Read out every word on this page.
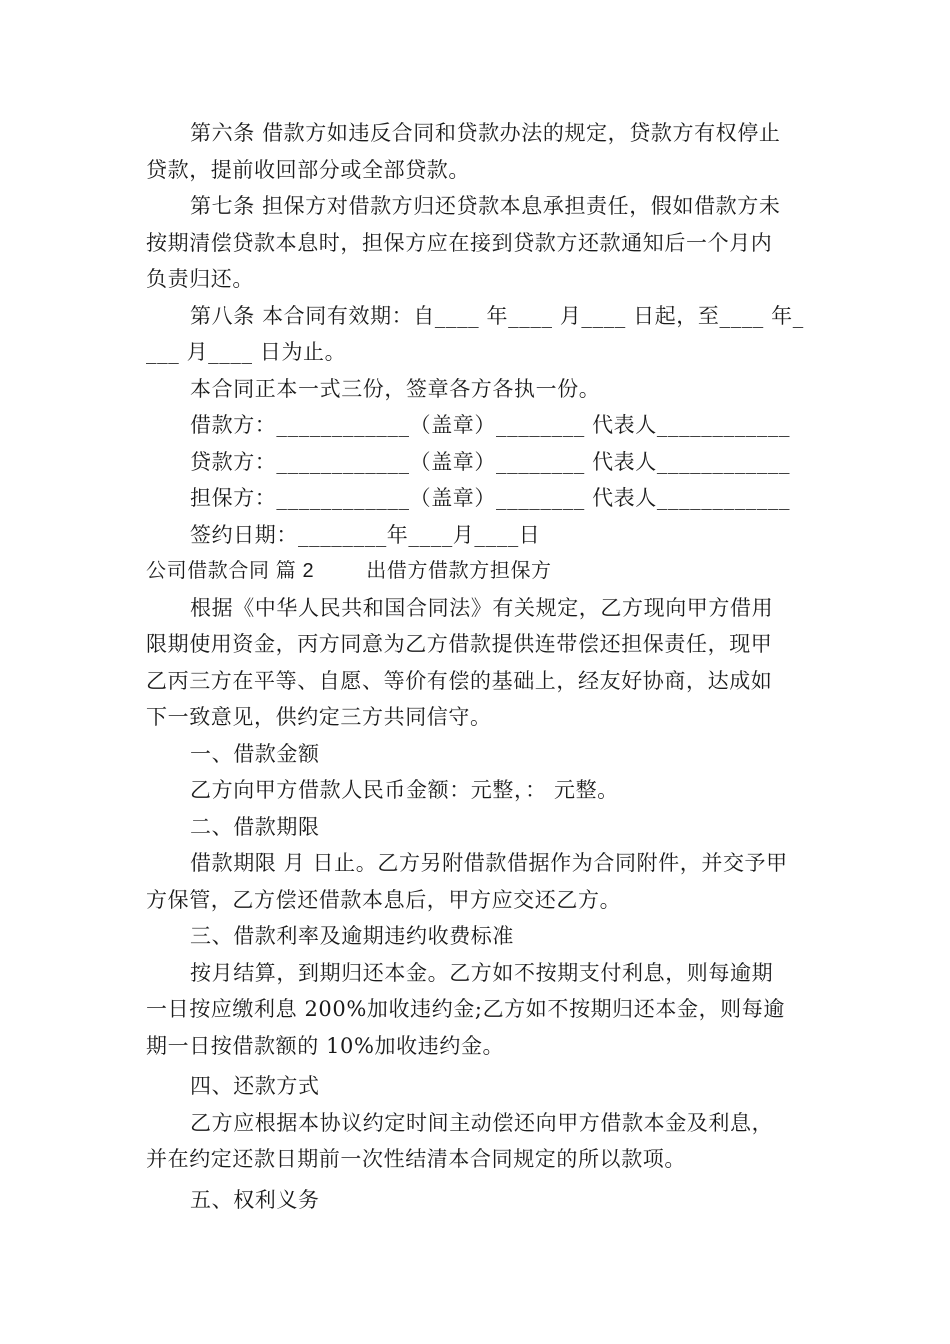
第六条 借款方如违反合同和贷款办法的规定，贷款方有权停止
贷款，提前收回部分或全部贷款。
第七条 担保方对借款方归还贷款本息承担责任，假如借款方未
按期清偿贷款本息时，担保方应在接到贷款方还款通知后一个月内
负责归还。
第八条 本合同有效期：自____ 年____ 月____ 日起，至____ 年_
___ 月____ 日为止。
本合同正本一式三份，签章各方各执一份。
借款方：____________（盖章）________ 代表人____________
贷款方：____________（盖章）________ 代表人____________
担保方：____________（盖章）________ 代表人____________
签约日期：________年____月____日
公司借款合同 篇 2	出借方借款方担保方
根据《中华人民共和国合同法》有关规定，乙方现向甲方借用
限期使用资金，丙方同意为乙方借款提供连带偿还担保责任，现甲
乙丙三方在平等、自愿、等价有偿的基础上，经友好协商，达成如
下一致意见，供约定三方共同信守。
一、借款金额
乙方向甲方借款人民币金额：元整，： 元整。
二、借款期限
借款期限 月 日止。乙方另附借款借据作为合同附件，并交予甲
方保管，乙方偿还借款本息后，甲方应交还乙方。
三、借款利率及逾期违约收费标准
按月结算，到期归还本金。乙方如不按期支付利息，则每逾期
一日按应缴利息 200%加收违约金;乙方如不按期归还本金，则每逾
期一日按借款额的 10%加收违约金。
四、还款方式
乙方应根据本协议约定时间主动偿还向甲方借款本金及利息，
并在约定还款日期前一次性结清本合同规定的所以款项。
五、权利义务
